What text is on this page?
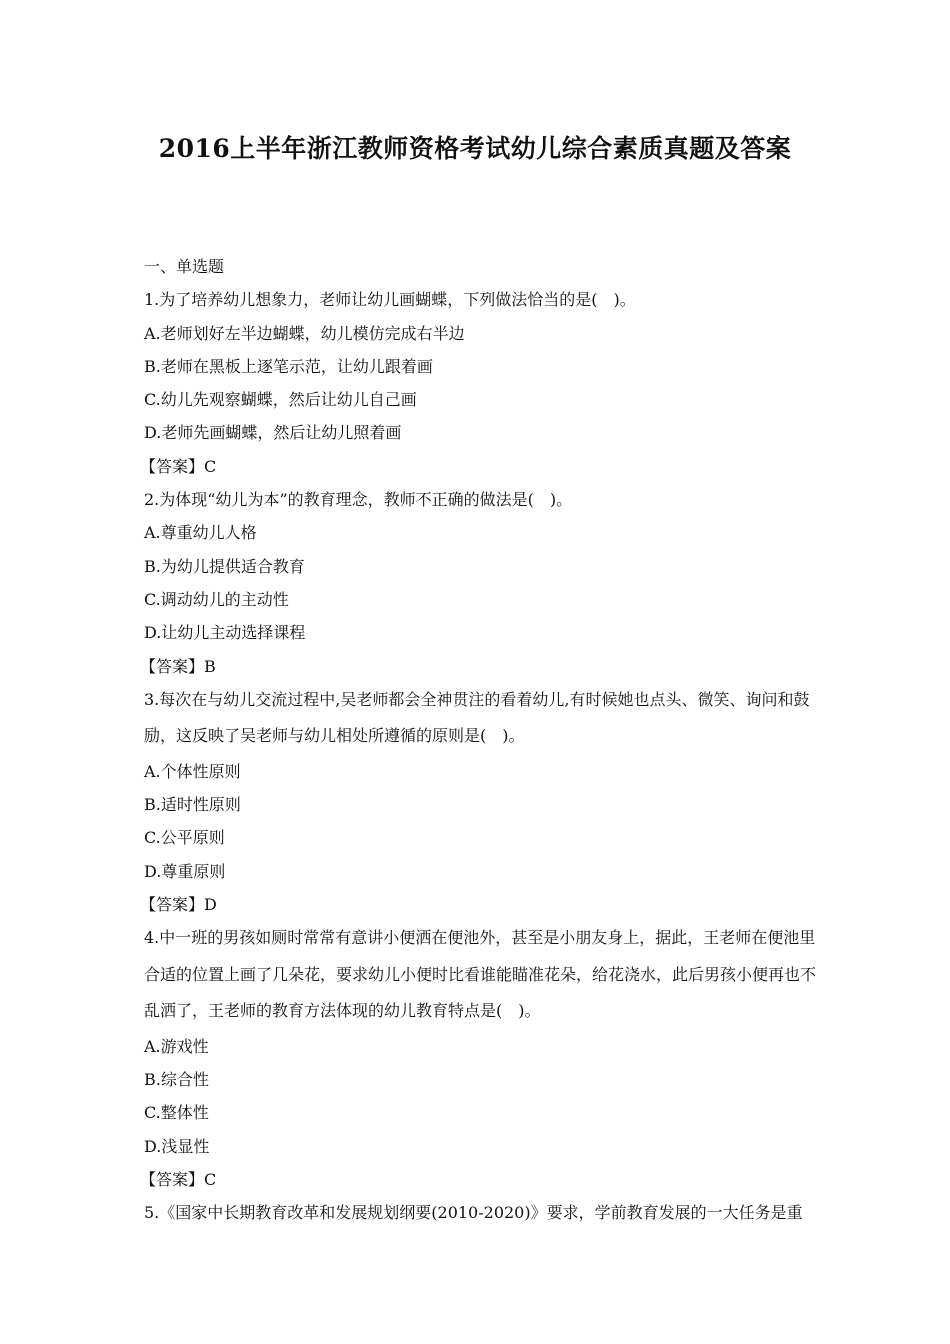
2016上半年浙江教师资格考试幼儿综合素质真题及答案
一、单选题
1.为了培养幼儿想象力，老师让幼儿画蝴蝶，下列做法恰当的是(　)。
A.老师划好左半边蝴蝶，幼儿模仿完成右半边
B.老师在黑板上逐笔示范，让幼儿跟着画
C.幼儿先观察蝴蝶，然后让幼儿自己画
D.老师先画蝴蝶，然后让幼儿照着画
【答案】C
2.为体现“幼儿为本”的教育理念，教师不正确的做法是(　)。
A.尊重幼儿人格
B.为幼儿提供适合教育
C.调动幼儿的主动性
D.让幼儿主动选择课程
【答案】B
3.每次在与幼儿交流过程中,吴老师都会全神贯注的看着幼儿,有时候她也点头、微笑、询问和鼓励，这反映了吴老师与幼儿相处所遵循的原则是(　)。
A.个体性原则
B.适时性原则
C.公平原则
D.尊重原则
【答案】D
4.中一班的男孩如厕时常常有意讲小便洒在便池外，甚至是小朋友身上，据此，王老师在便池里合适的位置上画了几朵花，要求幼儿小便时比看谁能瞄准花朵，给花浇水，此后男孩小便再也不乱洒了，王老师的教育方法体现的幼儿教育特点是(　)。
A.游戏性
B.综合性
C.整体性
D.浅显性
【答案】C
5.《国家中长期教育改革和发展规划纲要(2010-2020)》要求，学前教育发展的一大任务是重
